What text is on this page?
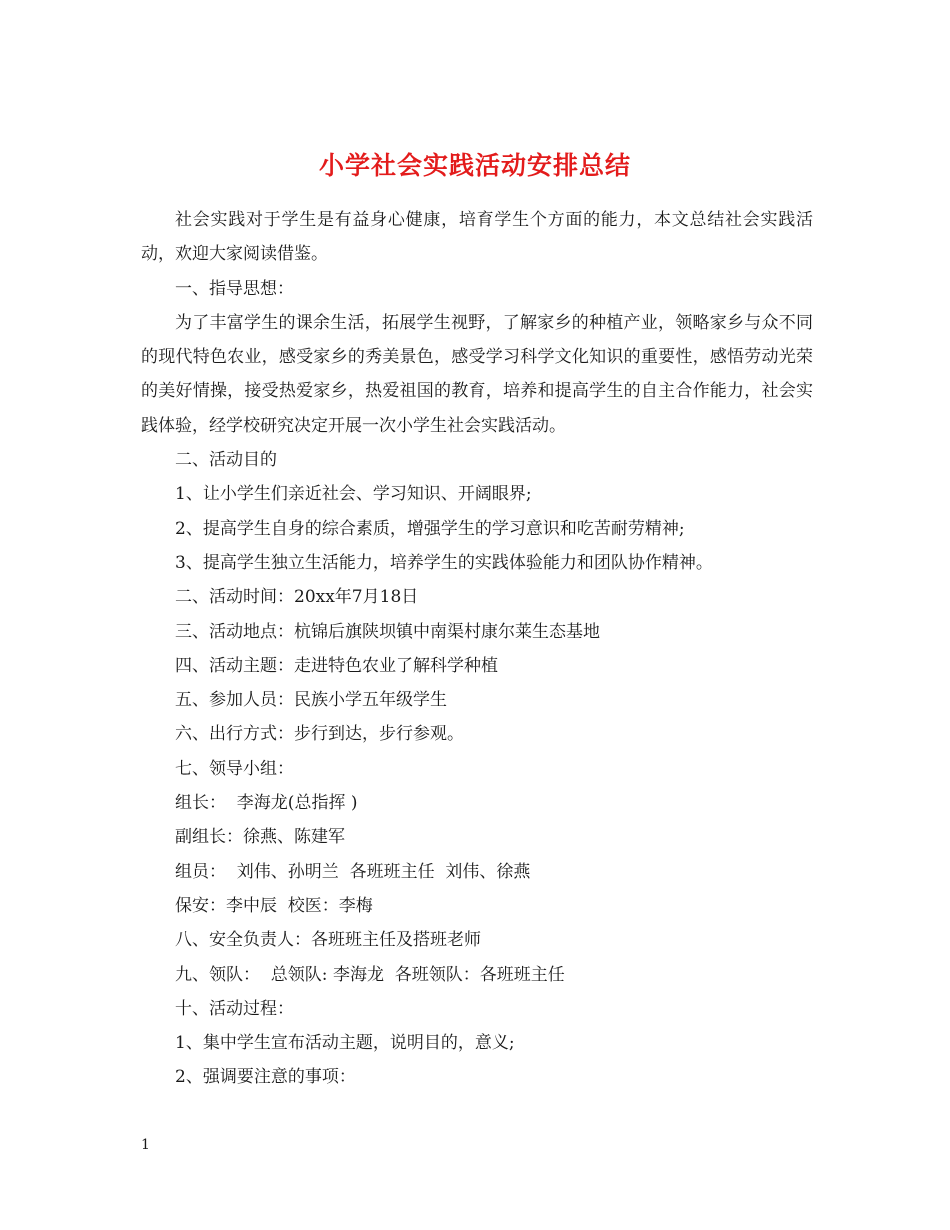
小学社会实践活动安排总结

社会实践对于学生是有益身心健康，培育学生个方面的能力，本文总结社会实践活动，欢迎大家阅读借鉴。

一、指导思想：

为了丰富学生的课余生活，拓展学生视野，了解家乡的种植产业，领略家乡与众不同的现代特色农业，感受家乡的秀美景色，感受学习科学文化知识的重要性，感悟劳动光荣的美好情操，接受热爱家乡，热爱祖国的教育，培养和提高学生的自主合作能力，社会实践体验，经学校研究决定开展一次小学生社会实践活动。

二、活动目的

1、让小学生们亲近社会、学习知识、开阔眼界;

2、提高学生自身的综合素质，增强学生的学习意识和吃苦耐劳精神;

3、提高学生独立生活能力，培养学生的实践体验能力和团队协作精神。

二、活动时间：20xx年7月18日

三、活动地点：杭锦后旗陕坝镇中南渠村康尔莱生态基地

四、活动主题：走进特色农业了解科学种植

五、参加人员：民族小学五年级学生

六、出行方式：步行到达，步行参观。

七、领导小组：

组长：  李海龙(总指挥 )

副组长：徐燕、陈建军

组员：  刘伟、孙明兰  各班班主任  刘伟、徐燕

保安：李中辰  校医：李梅

八、安全负责人：各班班主任及搭班老师

九、领队：  总领队: 李海龙  各班领队：各班班主任

十、活动过程：

1、集中学生宣布活动主题，说明目的，意义;

2、强调要注意的事项：

1
